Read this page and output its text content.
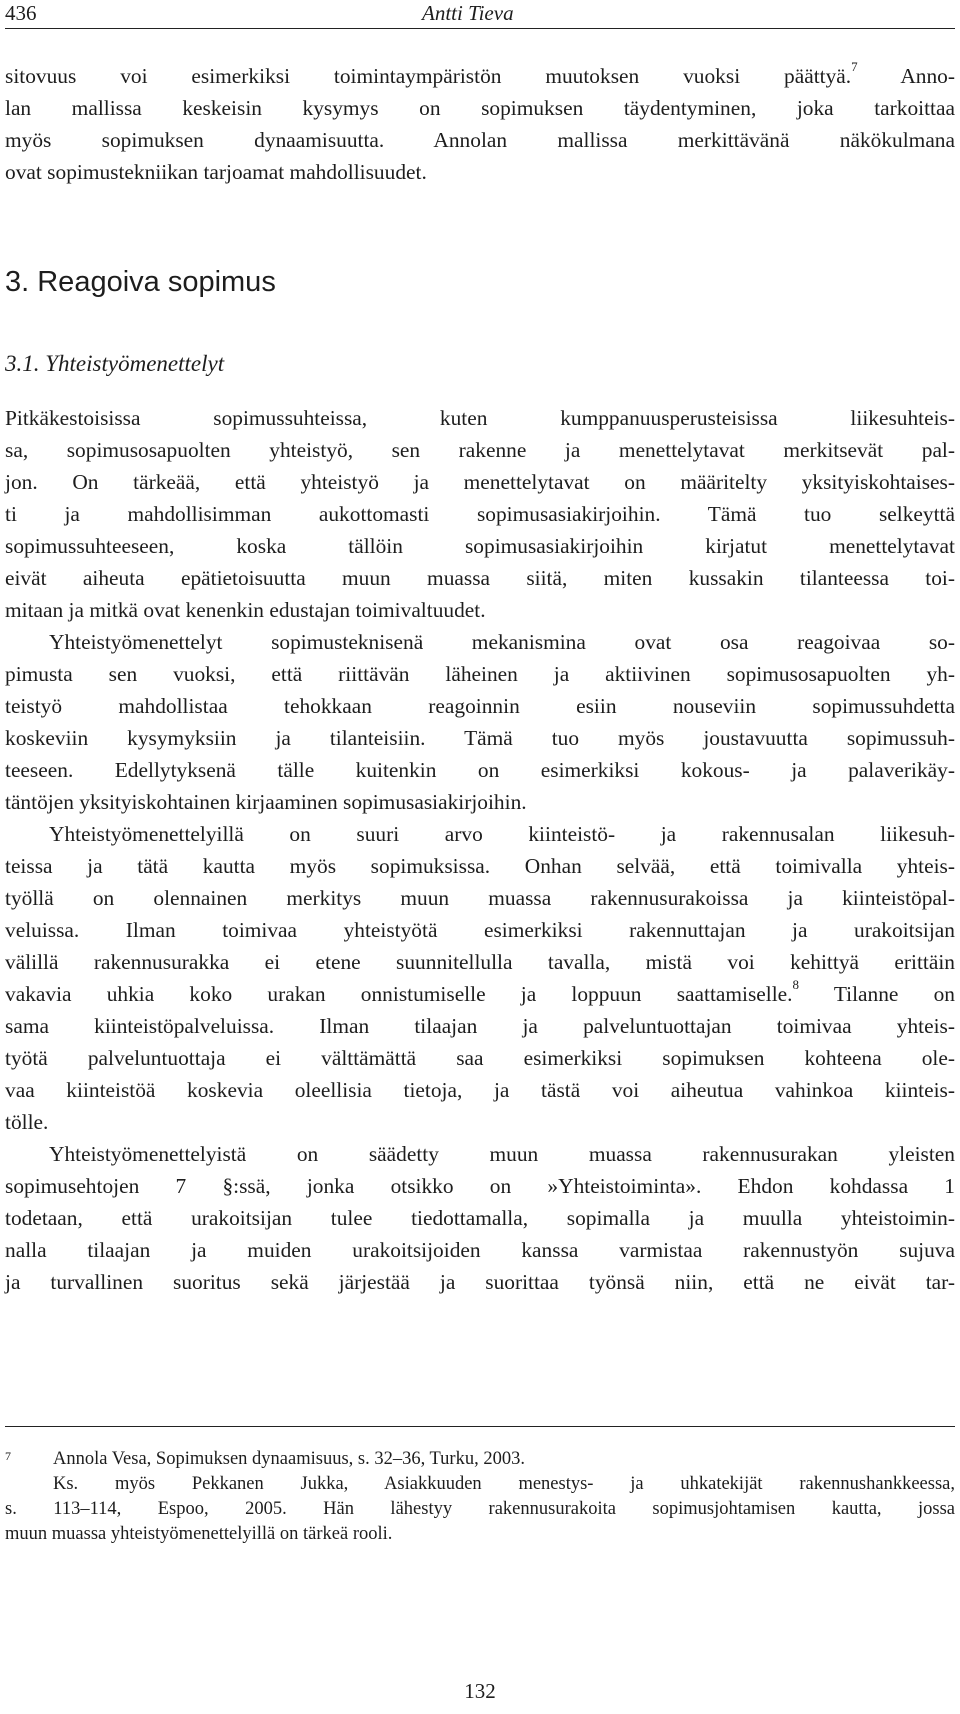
436	Antti Tieva
sitovuus voi esimerkiksi toimintaympäristön muutoksen vuoksi päättyä.$^7$ Anno-
lan mallissa keskeisin kysymys on sopimuksen täydentyminen, joka tarkoittaa
myös sopimuksen dynaamisuutta. Annolan mallissa merkittävänä näkökulmana
ovat sopimustekniikan tarjoamat mahdollisuudet.
3. Reagoiva sopimus
3.1. Yhteistyömenettelyt
Pitkäkestoisissa sopimussuhteissa, kuten kumppanuusperusteisissa liikesuhteis-
sa, sopimusosapuolten yhteistyö, sen rakenne ja menettelytavat merkitsevät pal-
jon. On tärkeää, että yhteistyö ja menettelytavat on määritelty yksityiskohtaises-
ti ja mahdollisimman aukottomasti sopimusasiakirjoihin. Tämä tuo selkeyttä
sopimussuhteeseen, koska tällöin sopimusasiakirjoihin kirjatut menettelytavat
eivät aiheuta epätietoisuutta muun muassa siitä, miten kussakin tilanteessa toi-
mitaan ja mitkä ovat kenenkin edustajan toimivaltuudet.
Yhteistyömenettelyt sopimusteknisenä mekanismina ovat osa reagoivaa so-
pimusta sen vuoksi, että riittävän läheinen ja aktiivinen sopimusosapuolten yh-
teistyö mahdollistaa tehokkaan reagoinnin esiin nouseviin sopimussuhdetta
koskeviin kysymyksiin ja tilanteisiin. Tämä tuo myös joustavuutta sopimussuh-
teeseen. Edellytyksenä tälle kuitenkin on esimerkiksi kokous- ja palaverikäy-
täntöjen yksityiskohtainen kirjaaminen sopimusasiakirjoihin.
Yhteistyömenettelyillä on suuri arvo kiinteistö- ja rakennusalan liikesuh-
teissa ja tätä kautta myös sopimuksissa. Onhan selvää, että toimivalla yhteis-
työllä on olennainen merkitys muun muassa rakennusurakoissa ja kiinteistöpal-
veluissa. Ilman toimivaa yhteistyötä esimerkiksi rakennuttajan ja urakoitsijan
välillä rakennusurakka ei etene suunnitellulla tavalla, mistä voi kehittyä erittäin
vakavia uhkia koko urakan onnistumiselle ja loppuun saattamiselle.$^8$ Tilanne on
sama kiinteistöpalveluissa. Ilman tilaajan ja palveluntuottajan toimivaa yhteis-
työtä palveluntuottaja ei välttämättä saa esimerkiksi sopimuksen kohteena ole-
vaa kiinteistöä koskevia oleellisia tietoja, ja tästä voi aiheutua vahinkoa kiinteis-
tölle.
Yhteistyömenettelyistä on säädetty muun muassa rakennusurakan yleisten
sopimusehtojen 7 §:ssä, jonka otsikko on »Yhteistoiminta». Ehdon kohdassa 1
todetaan, että urakoitsijan tulee tiedottamalla, sopimalla ja muulla yhteistoimin-
nalla tilaajan ja muiden urakoitsijoiden kanssa varmistaa rakennustyön sujuva
ja turvallinen suoritus sekä järjestää ja suorittaa työnsä niin, että ne eivät tar-
7 Annola Vesa, Sopimuksen dynaamisuus, s. 32–36, Turku, 2003.
Ks. myös Pekkanen Jukka, Asiakkuuden menestys- ja uhkatekijät rakennushankkeessa,
s. 113–114, Espoo, 2005. Hän lähestyy rakennusurakoita sopimusjohtamisen kautta, jossa
muun muassa yhteistyömenettelyillä on tärkeä rooli.
132
